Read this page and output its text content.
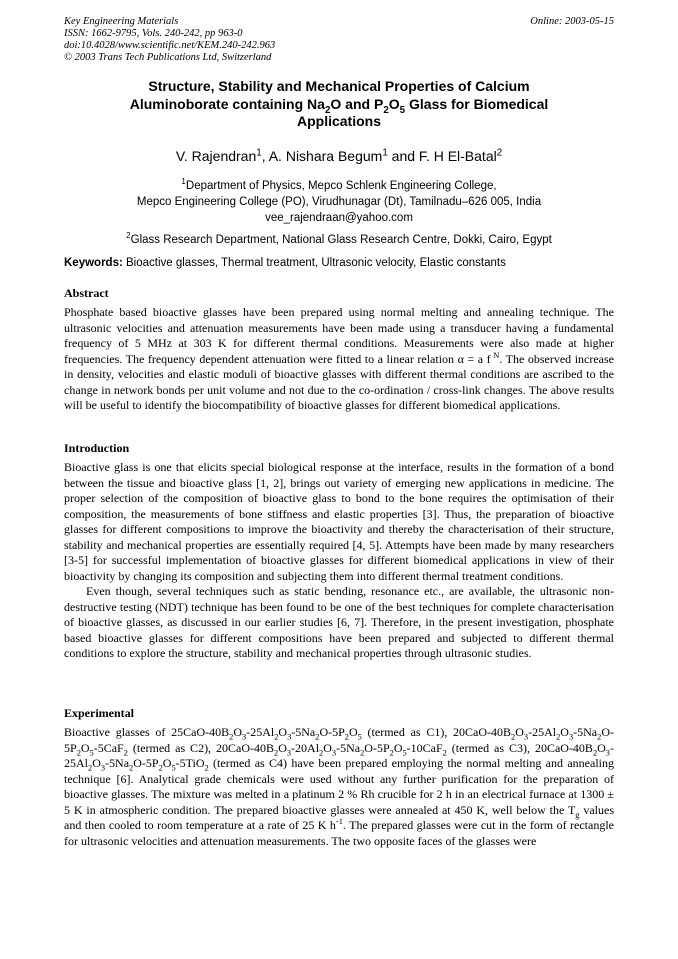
Key Engineering Materials
ISSN: 1662-9795, Vols. 240-242, pp 963-0
doi:10.4028/www.scientific.net/KEM.240-242.963
© 2003 Trans Tech Publications Ltd, Switzerland
Online: 2003-05-15
Structure, Stability and Mechanical Properties of Calcium
Aluminoborate containing $Na_2O$ and $P_2O_5$ Glass for Biomedical
Applications
V. Rajendran$^1$, A. Nishara Begum$^1$ and F. H El-Batal$^2$
$^1$Department of Physics, Mepco Schlenk Engineering College,
Mepco Engineering College (PO), Virudhunagar (Dt), Tamilnadu–626 005, India
vee_rajendraan@yahoo.com
$^2$Glass Research Department, National Glass Research Centre, Dokki, Cairo, Egypt
Keywords: Bioactive glasses, Thermal treatment, Ultrasonic velocity, Elastic constants
Abstract

Phosphate based bioactive glasses have been prepared using normal melting and annealing technique. The ultrasonic velocities and attenuation measurements have been made using a transducer having a fundamental frequency of 5 MHz at 303 K for different thermal conditions. Measurements were also made at higher frequencies. The frequency dependent attenuation were fitted to a linear relation α = a f $^N$. The observed increase in density, velocities and elastic moduli of bioactive glasses with different thermal conditions are ascribed to the change in network bonds per unit volume and not due to the co-ordination / cross-link changes. The above results will be useful to identify the biocompatibility of bioactive glasses for different biomedical applications.

Introduction

Bioactive glass is one that elicits special biological response at the interface, results in the formation of a bond between the tissue and bioactive glass [1, 2], brings out variety of emerging new applications in medicine. The proper selection of the composition of bioactive glass to bond to the bone requires the optimisation of their composition, the measurements of bone stiffness and elastic properties [3]. Thus, the preparation of bioactive glasses for different compositions to improve the bioactivity and thereby the characterisation of their structure, stability and mechanical properties are essentially required [4, 5]. Attempts have been made by many researchers [3-5] for successful implementation of bioactive glasses for different biomedical applications in view of their bioactivity by changing its composition and subjecting them into different thermal treatment conditions.

Even though, several techniques such as static bending, resonance etc., are available, the ultrasonic non-destructive testing (NDT) technique has been found to be one of the best techniques for complete characterisation of bioactive glasses, as discussed in our earlier studies [6, 7]. Therefore, in the present investigation, phosphate based bioactive glasses for different compositions have been prepared and subjected to different thermal conditions to explore the structure, stability and mechanical properties through ultrasonic studies.

Experimental

Bioactive glasses of $25CaO-40B_2O_3-25Al_2O_3-5Na_2O-5P_2O_5$ (termed as C1), $20CaO-40B_2O_3-25Al_2O_3-5Na_2O-5P_2O_5-5CaF_2$ (termed as C2), $20CaO-40B_2O_3-20Al_2O_3-5Na_2O-5P_2O_5-10CaF_2$ (termed as C3), $20CaO-40B_2O_3-25Al_2O_3-5Na_2O-5P_2O_5-5TiO_2$ (termed as C4) have been prepared employing the normal melting and annealing technique [6]. Analytical grade chemicals were used without any further purification for the preparation of bioactive glasses. The mixture was melted in a platinum 2 % Rh crucible for 2 h in an electrical furnace at 1300 ± 5 K in atmospheric condition. The prepared bioactive glasses were annealed at 450 K, well below the $T_g$ values and then cooled to room temperature at a rate of 25 K $h^{-1}$. The prepared glasses were cut in the form of rectangle for ultrasonic velocities and attenuation measurements. The two opposite faces of the glasses were
